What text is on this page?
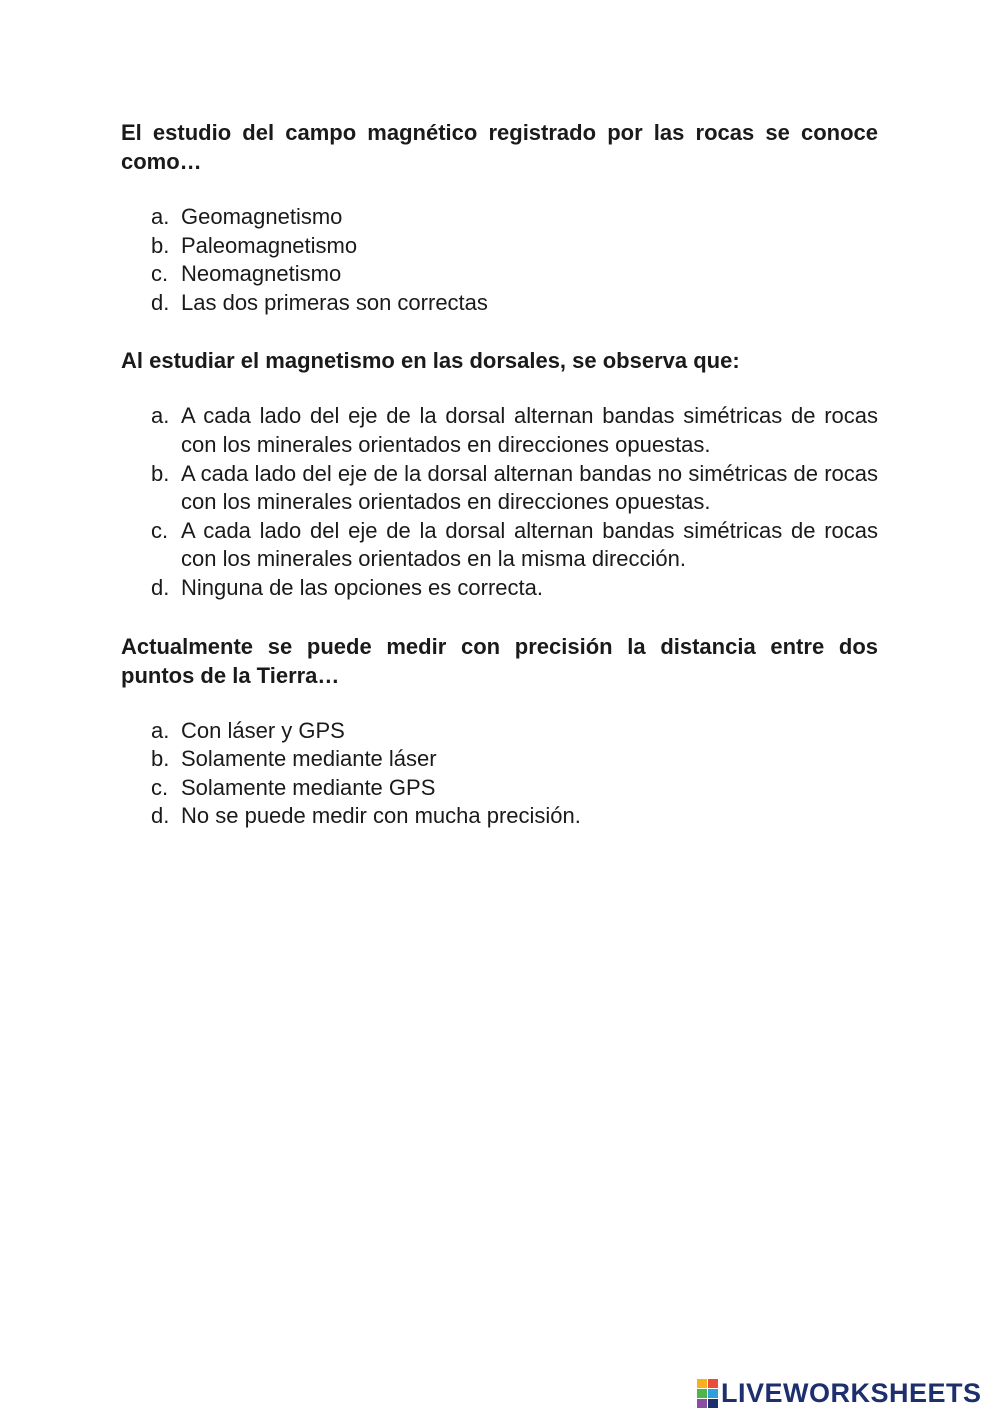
El estudio del campo magnético registrado por las rocas se conoce como…

a. Geomagnetismo
b. Paleomagnetismo
c. Neomagnetismo
d. Las dos primeras son correctas

Al estudiar el magnetismo en las dorsales, se observa que:

a. A cada lado del eje de la dorsal alternan bandas simétricas de rocas con los minerales orientados en direcciones opuestas.
b. A cada lado del eje de la dorsal alternan bandas no simétricas de rocas con los minerales orientados en direcciones opuestas.
c. A cada lado del eje de la dorsal alternan bandas simétricas de rocas con los minerales orientados en la misma dirección.
d. Ninguna de las opciones es correcta.

Actualmente se puede medir con precisión la distancia entre dos puntos de la Tierra…

a. Con láser y GPS
b. Solamente mediante láser
c. Solamente mediante GPS
d. No se puede medir con mucha precisión.
LIVEWORKSHEETS
